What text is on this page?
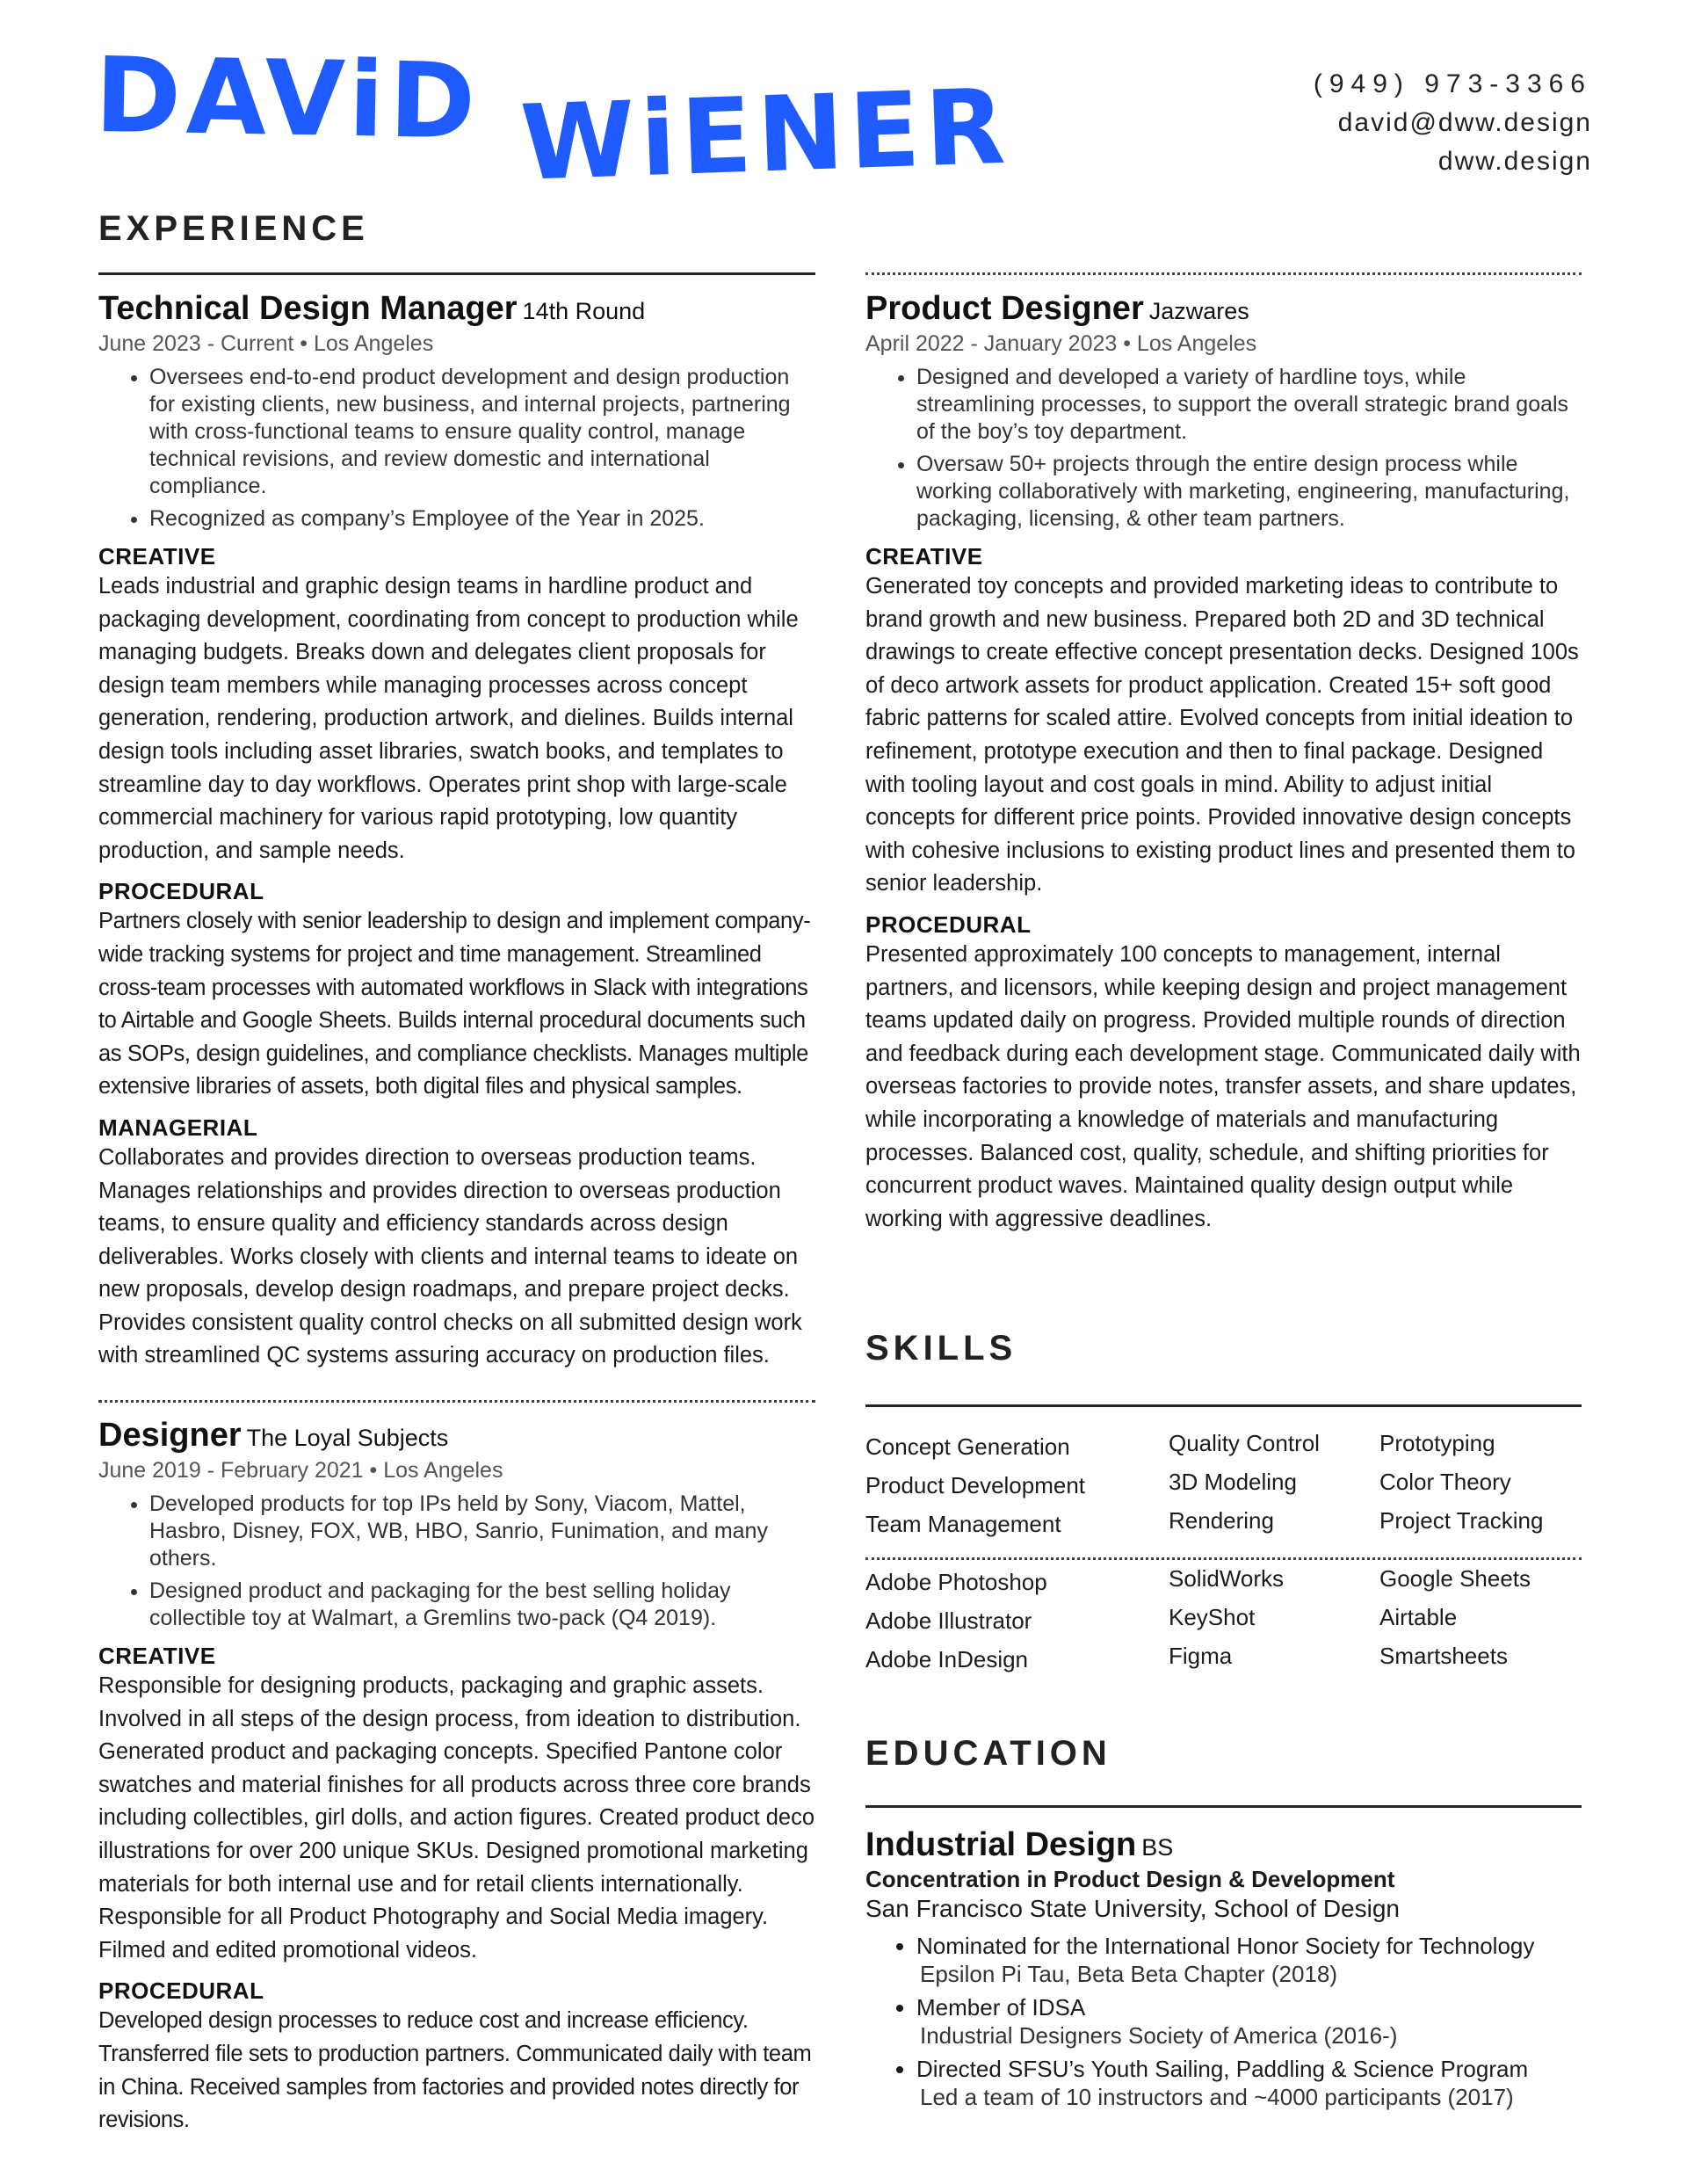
DAViD WiENER	(949) 973-3366
david@dww.design
dww.design
EXPERIENCE
Technical Design Manager 14th Round
June 2023 - Current • Los Angeles
• Oversees end-to-end product development and design production for existing clients, new business, and internal projects, partnering with cross-functional teams to ensure quality control, manage technical revisions, and review domestic and international compliance.
• Recognized as company’s Employee of the Year in 2025.
CREATIVE
Leads industrial and graphic design teams in hardline product and packaging development, coordinating from concept to production while managing budgets. Breaks down and delegates client proposals for design team members while managing processes across concept generation, rendering, production artwork, and dielines. Builds internal design tools including asset libraries, swatch books, and templates to streamline day to day workflows. Operates print shop with large-scale commercial machinery for various rapid prototyping, low quantity production, and sample needs.
PROCEDURAL
Partners closely with senior leadership to design and implement company-wide tracking systems for project and time management. Streamlined cross-team processes with automated workflows in Slack with integrations to Airtable and Google Sheets. Builds internal procedural documents such as SOPs, design guidelines, and compliance checklists. Manages multiple extensive libraries of assets, both digital files and physical samples.
MANAGERIAL
Collaborates and provides direction to overseas production teams. Manages relationships and provides direction to overseas production teams, to ensure quality and efficiency standards across design deliverables. Works closely with clients and internal teams to ideate on new proposals, develop design roadmaps, and prepare project decks. Provides consistent quality control checks on all submitted design work with streamlined QC systems assuring accuracy on production files.
Designer The Loyal Subjects
June 2019 - February 2021 • Los Angeles
• Developed products for top IPs held by Sony, Viacom, Mattel, Hasbro, Disney, FOX, WB, HBO, Sanrio, Funimation, and many others.
• Designed product and packaging for the best selling holiday collectible toy at Walmart, a Gremlins two-pack (Q4 2019).
CREATIVE
Responsible for designing products, packaging and graphic assets. Involved in all steps of the design process, from ideation to distribution. Generated product and packaging concepts. Specified Pantone color swatches and material finishes for all products across three core brands including collectibles, girl dolls, and action figures. Created product deco illustrations for over 200 unique SKUs. Designed promotional marketing materials for both internal use and for retail clients internationally. Responsible for all Product Photography and Social Media imagery. Filmed and edited promotional videos.
PROCEDURAL
Developed design processes to reduce cost and increase efficiency. Transferred file sets to production partners. Communicated daily with team in China. Received samples from factories and provided notes directly for revisions.
Product Designer Jazwares
April 2022 - January 2023 • Los Angeles
• Designed and developed a variety of hardline toys, while streamlining processes, to support the overall strategic brand goals of the boy’s toy department.
• Oversaw 50+ projects through the entire design process while working collaboratively with marketing, engineering, manufacturing, packaging, licensing, & other team partners.
CREATIVE
Generated toy concepts and provided marketing ideas to contribute to brand growth and new business. Prepared both 2D and 3D technical drawings to create effective concept presentation decks. Designed 100s of deco artwork assets for product application. Created 15+ soft good fabric patterns for scaled attire. Evolved concepts from initial ideation to refinement, prototype execution and then to final package. Designed with tooling layout and cost goals in mind. Ability to adjust initial concepts for different price points. Provided innovative design concepts with cohesive inclusions to existing product lines and presented them to senior leadership.
PROCEDURAL
Presented approximately 100 concepts to management, internal partners, and licensors, while keeping design and project management teams updated daily on progress. Provided multiple rounds of direction and feedback during each development stage. Communicated daily with overseas factories to provide notes, transfer assets, and share updates, while incorporating a knowledge of materials and manufacturing processes. Balanced cost, quality, schedule, and shifting priorities for concurrent product waves. Maintained quality design output while working with aggressive deadlines.
SKILLS
Concept Generation
Product Development
Team Management
Quality Control
3D Modeling
Rendering
Prototyping
Color Theory
Project Tracking
Adobe Photoshop
Adobe Illustrator
Adobe InDesign
SolidWorks
KeyShot
Figma
Google Sheets
Airtable
Smartsheets
EDUCATION
Industrial Design BS
Concentration in Product Design & Development
San Francisco State University, School of Design
• Nominated for the International Honor Society for Technology
Epsilon Pi Tau, Beta Beta Chapter (2018)
• Member of IDSA
Industrial Designers Society of America (2016-)
• Directed SFSU’s Youth Sailing, Paddling & Science Program
Led a team of 10 instructors and ~4000 participants (2017)
